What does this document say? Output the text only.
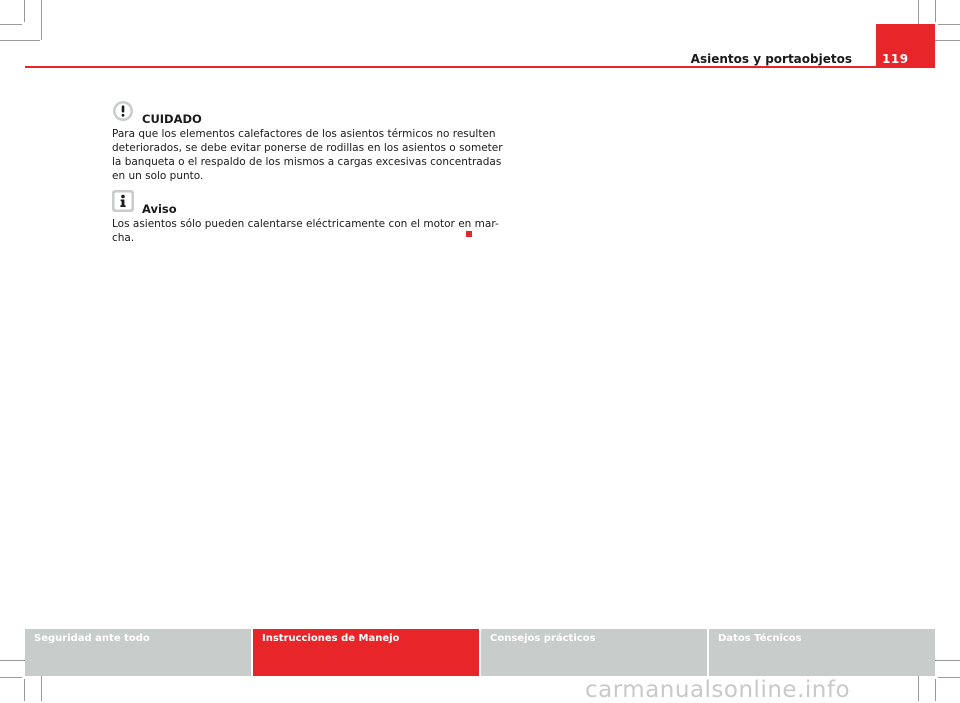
119
Asientos y portaobjetos
CUIDADO

Para que los elementos calefactores de los asientos térmicos no resulten

deteriorados, se debe evitar ponerse de rodillas en los asientos o someter

la banqueta o el respaldo de los mismos a cargas excesivas concentradas

en un solo punto.

Aviso

Los asientos sólo pueden calentarse eléctricamente con el motor en mar-

cha.

Seguridad ante todo	Instrucciones de Manejo	Consejos prácticos	Datos Técnicos
carmanualsonline.info
